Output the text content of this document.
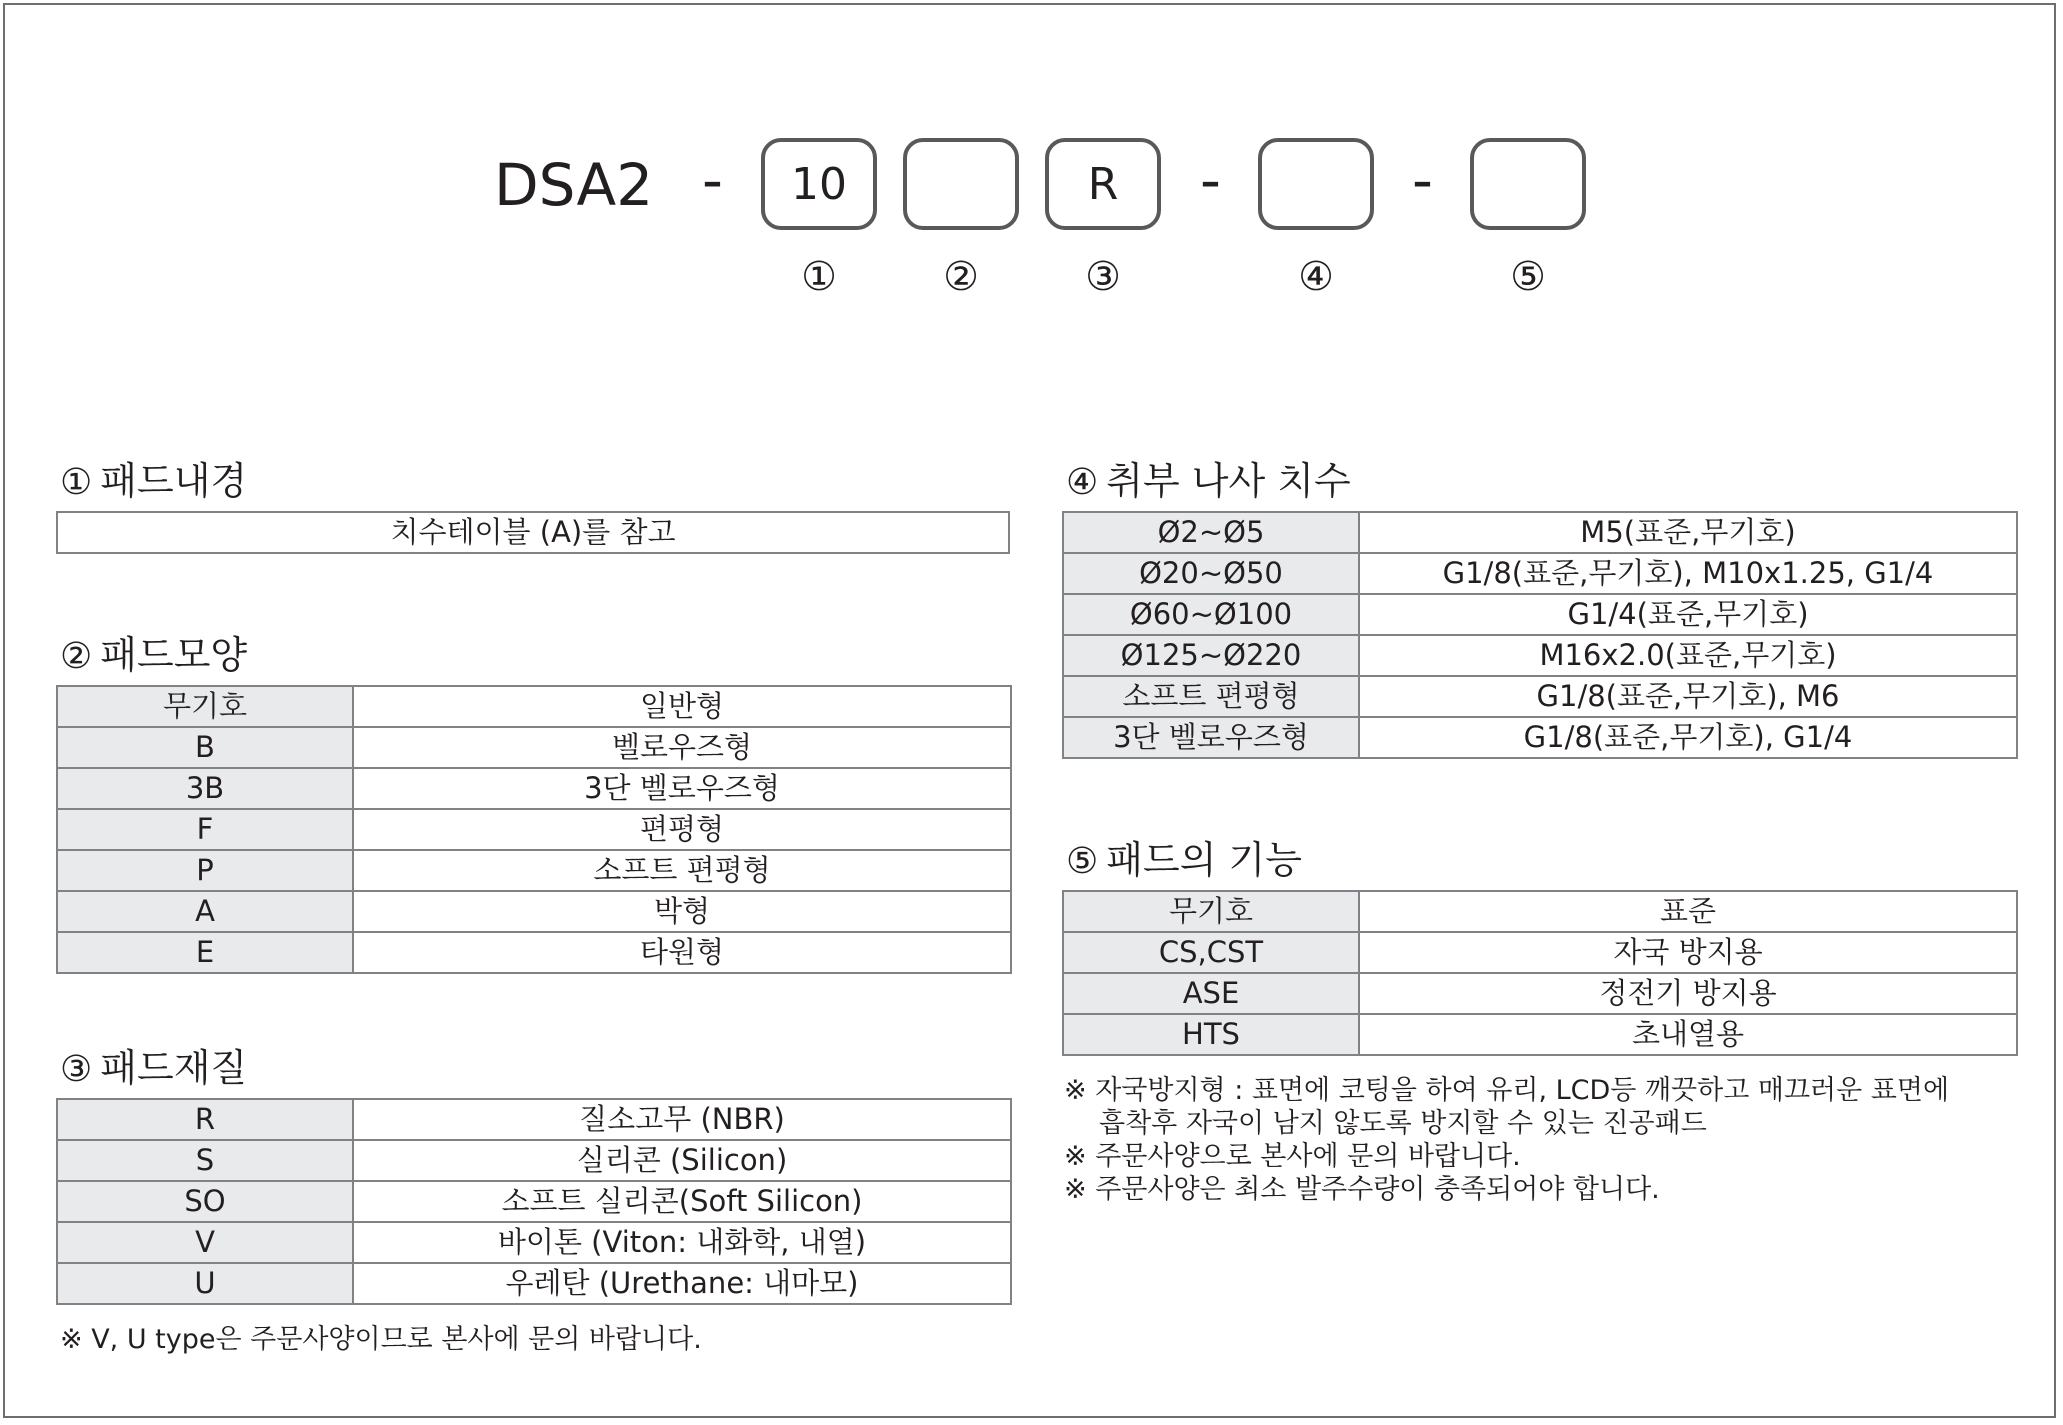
DSA2 -	10	R	-	-
①	②	③	④	⑤
① 패드내경
치수테이블 (A)를 참고
② 패드모양
무기호	일반형
B	벨로우즈형
3B	3단 벨로우즈형
F	편평형
P	소프트 편평형
A	박형
E	타원형
③ 패드재질
R	질소고무 (NBR)
S	실리콘 (Silicon)
SO	소프트 실리콘(Soft Silicon)
V	바이톤 (Viton: 내화학, 내열)
U	우레탄 (Urethane: 내마모)
※ V, U type은 주문사양이므로 본사에 문의 바랍니다.
④ 취부 나사 치수
Ø2~Ø5	M5(표준,무기호)
Ø20~Ø50	G1/8(표준,무기호), M10x1.25, G1/4
Ø60~Ø100	G1/4(표준,무기호)
Ø125~Ø220	M16x2.0(표준,무기호)
소프트 편평형	G1/8(표준,무기호), M6
3단 벨로우즈형	G1/8(표준,무기호), G1/4
⑤ 패드의 기능
무기호	표준
CS,CST	자국 방지용
ASE	정전기 방지용
HTS	초내열용
※ 자국방지형 : 표면에 코팅을 하여 유리, LCD등 깨끗하고 매끄러운 표면에
흡착후 자국이 남지 않도록 방지할 수 있는 진공패드
※ 주문사양으로 본사에 문의 바랍니다.
※ 주문사양은 최소 발주수량이 충족되어야 합니다.
